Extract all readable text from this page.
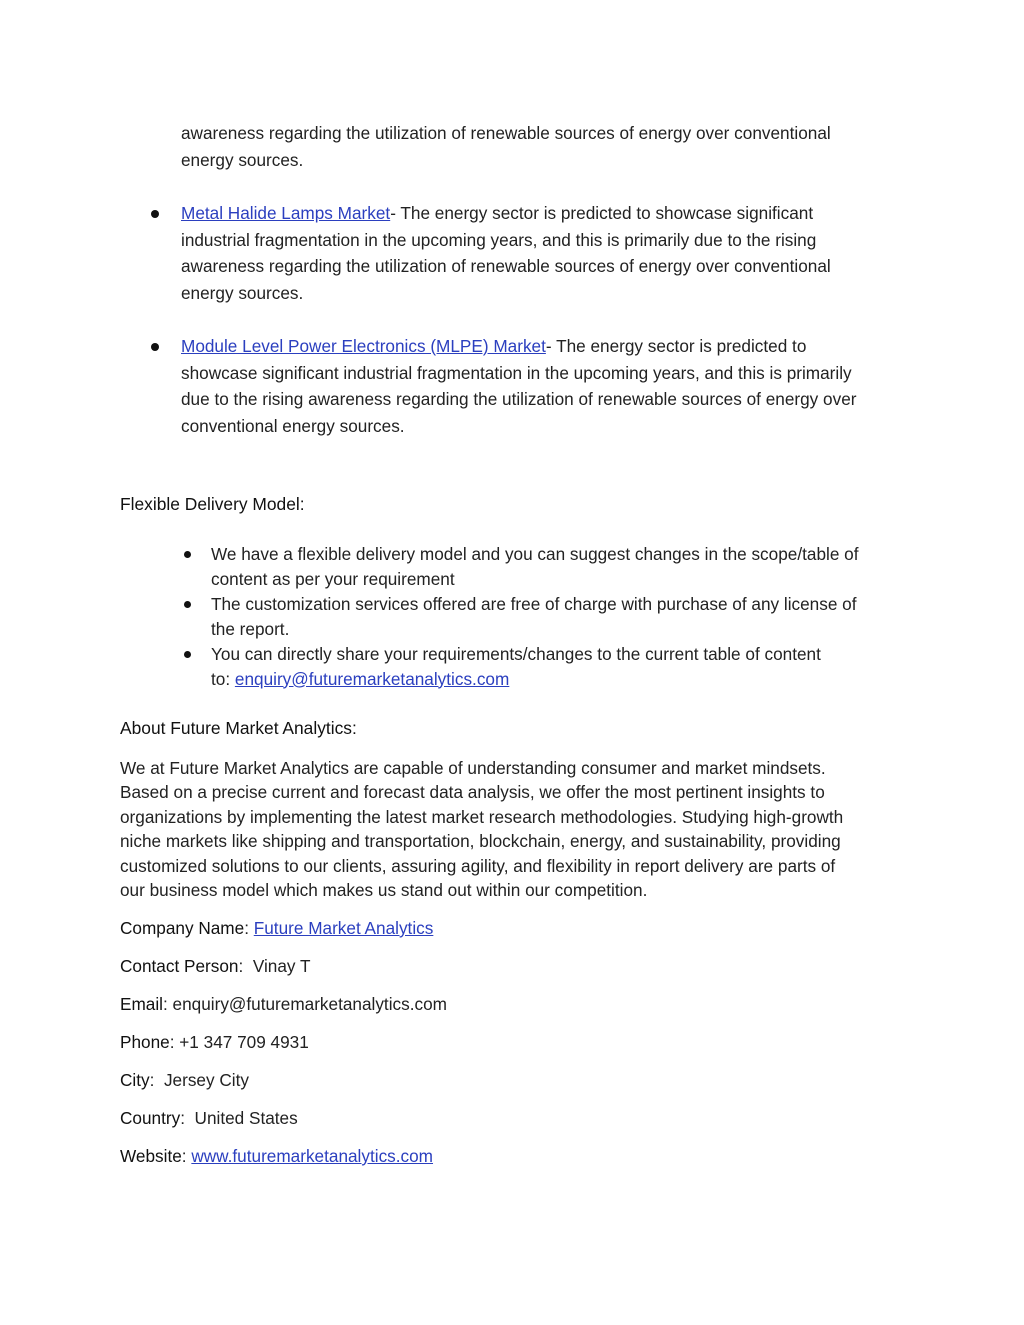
awareness regarding the utilization of renewable sources of energy over conventional
energy sources.
Metal Halide Lamps Market- The energy sector is predicted to showcase significant
industrial fragmentation in the upcoming years, and this is primarily due to the rising
awareness regarding the utilization of renewable sources of energy over conventional
energy sources.
Module Level Power Electronics (MLPE) Market- The energy sector is predicted to
showcase significant industrial fragmentation in the upcoming years, and this is primarily
due to the rising awareness regarding the utilization of renewable sources of energy over
conventional energy sources.
Flexible Delivery Model:
We have a flexible delivery model and you can suggest changes in the scope/table of
content as per your requirement
The customization services offered are free of charge with purchase of any license of
the report.
You can directly share your requirements/changes to the current table of content
to: enquiry@futuremarketanalytics.com
About Future Market Analytics:
We at Future Market Analytics are capable of understanding consumer and market mindsets.
Based on a precise current and forecast data analysis, we offer the most pertinent insights to
organizations by implementing the latest market research methodologies. Studying high-growth
niche markets like shipping and transportation, blockchain, energy, and sustainability, providing
customized solutions to our clients, assuring agility, and flexibility in report delivery are parts of
our business model which makes us stand out within our competition.
Company Name: Future Market Analytics
Contact Person: Vinay T
Email: enquiry@futuremarketanalytics.com
Phone: +1 347 709 4931
City: Jersey City
Country: United States
Website: www.futuremarketanalytics.com
